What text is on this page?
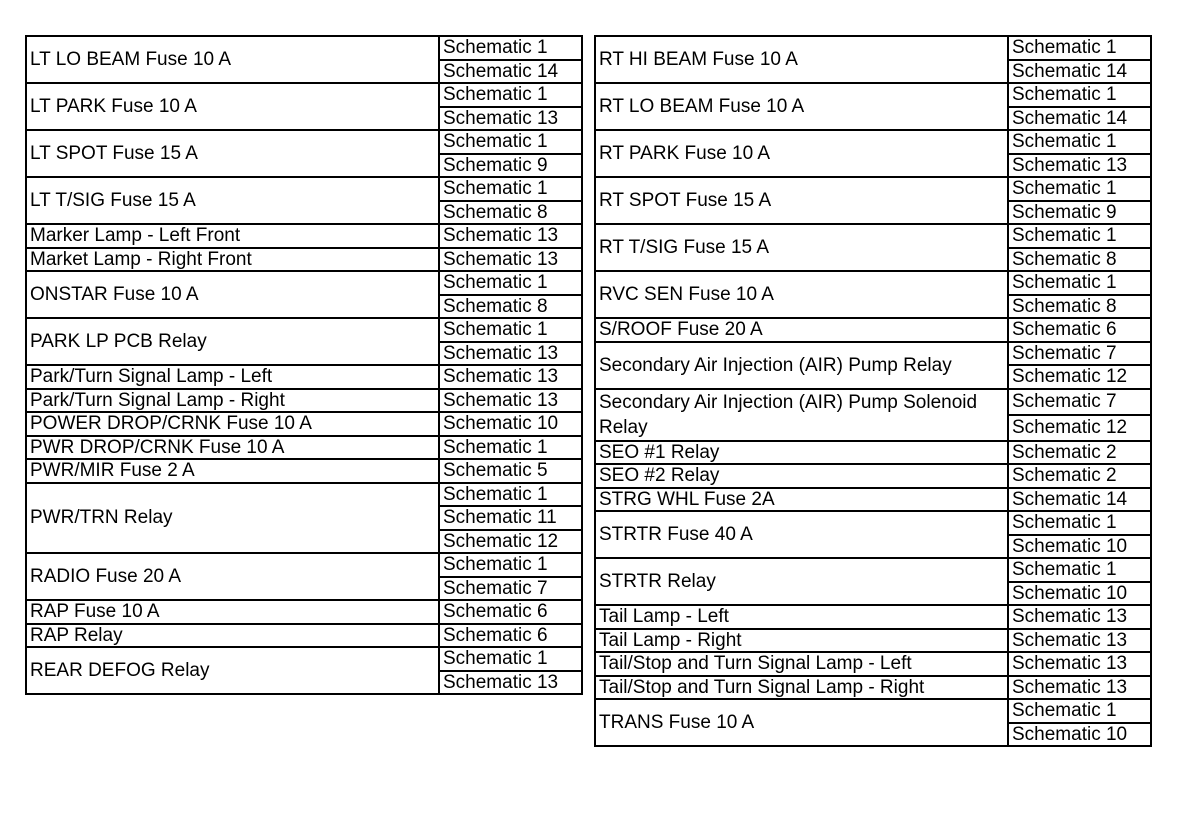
LT LO BEAM Fuse 10 A	Schematic 1
	Schematic 14
LT PARK Fuse 10 A	Schematic 1
	Schematic 13
LT SPOT Fuse 15 A	Schematic 1
	Schematic 9
LT T/SIG Fuse 15 A	Schematic 1
	Schematic 8
Marker Lamp - Left Front	Schematic 13
Market Lamp - Right Front	Schematic 13
ONSTAR Fuse 10 A	Schematic 1
	Schematic 8
PARK LP PCB Relay	Schematic 1
	Schematic 13
Park/Turn Signal Lamp - Left	Schematic 13
Park/Turn Signal Lamp - Right	Schematic 13
POWER DROP/CRNK Fuse 10 A	Schematic 10
PWR DROP/CRNK Fuse 10 A	Schematic 1
PWR/MIR Fuse 2 A	Schematic 5
PWR/TRN Relay	Schematic 1
	Schematic 11
	Schematic 12
RADIO Fuse 20 A	Schematic 1
	Schematic 7
RAP Fuse 10 A	Schematic 6
RAP Relay	Schematic 6
REAR DEFOG Relay	Schematic 1
	Schematic 13
RT HI BEAM Fuse 10 A	Schematic 1
	Schematic 14
RT LO BEAM Fuse 10 A	Schematic 1
	Schematic 14
RT PARK Fuse 10 A	Schematic 1
	Schematic 13
RT SPOT Fuse 15 A	Schematic 1
	Schematic 9
RT T/SIG Fuse 15 A	Schematic 1
	Schematic 8
RVC SEN Fuse 10 A	Schematic 1
	Schematic 8
S/ROOF Fuse 20 A	Schematic 6
Secondary Air Injection (AIR) Pump Relay	Schematic 7
	Schematic 12
Secondary Air Injection (AIR) Pump Solenoid Relay	Schematic 7
	Schematic 12
SEO #1 Relay	Schematic 2
SEO #2 Relay	Schematic 2
STRG WHL Fuse 2A	Schematic 14
STRTR Fuse 40 A	Schematic 1
	Schematic 10
STRTR Relay	Schematic 1
	Schematic 10
Tail Lamp - Left	Schematic 13
Tail Lamp - Right	Schematic 13
Tail/Stop and Turn Signal Lamp - Left	Schematic 13
Tail/Stop and Turn Signal Lamp - Right	Schematic 13
TRANS Fuse 10 A	Schematic 1
	Schematic 10
